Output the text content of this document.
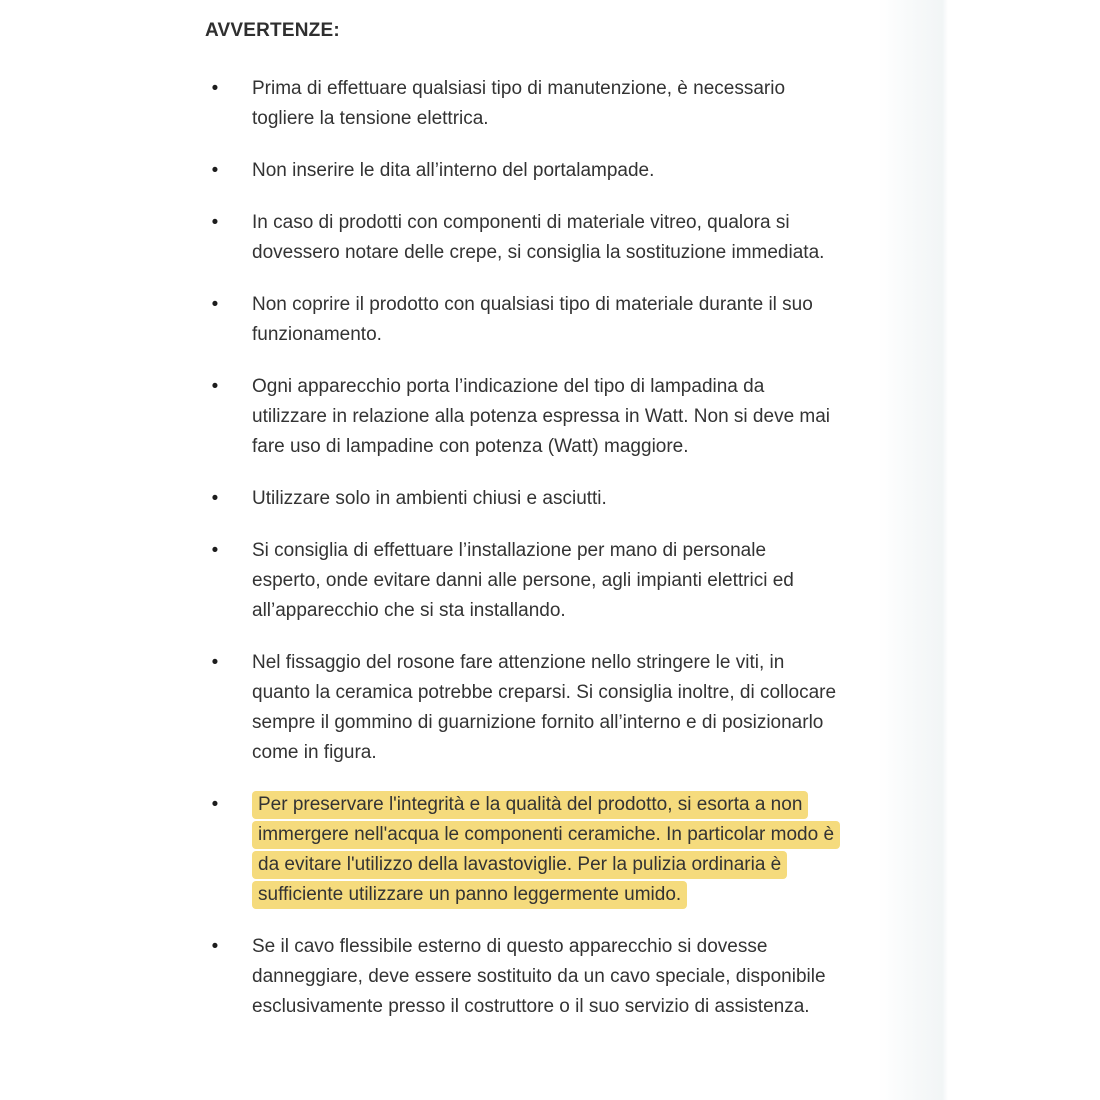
AVVERTENZE:
•
Prima di effettuare qualsiasi tipo di manutenzione, è necessario togliere la tensione elettrica.
•
Non inserire le dita all’interno del portalampade.
•
In caso di prodotti con componenti di materiale vitreo, qualora si dovessero notare delle crepe, si consiglia la sostituzione immediata.
•
Non coprire il prodotto con qualsiasi tipo di materiale durante il suo funzionamento.
•
Ogni apparecchio porta l’indicazione del tipo di lampadina da utilizzare in relazione alla potenza espressa in Watt. Non si deve mai fare uso di lampadine con potenza (Watt) maggiore.
•
Utilizzare solo in ambienti chiusi e asciutti.
•
Si consiglia di effettuare l’installazione per mano di personale esperto, onde evitare danni alle persone, agli impianti elettrici ed all’apparecchio che si sta installando.
•
Nel fissaggio del rosone fare attenzione nello stringere le viti, in quanto la ceramica potrebbe creparsi. Si consiglia inoltre, di collocare sempre il gommino di guarnizione fornito all’interno e di posizionarlo come in figura.
•
Per preservare l'integrità e la qualità del prodotto, si esorta a non immergere nell'acqua le componenti ceramiche. In particolar modo è da evitare l'utilizzo della lavastoviglie. Per la pulizia ordinaria è sufficiente utilizzare un panno leggermente umido.
•
Se il cavo flessibile esterno di questo apparecchio si dovesse danneggiare, deve essere sostituito da un cavo speciale, disponibile esclusivamente presso il costruttore o il suo servizio di assistenza.
